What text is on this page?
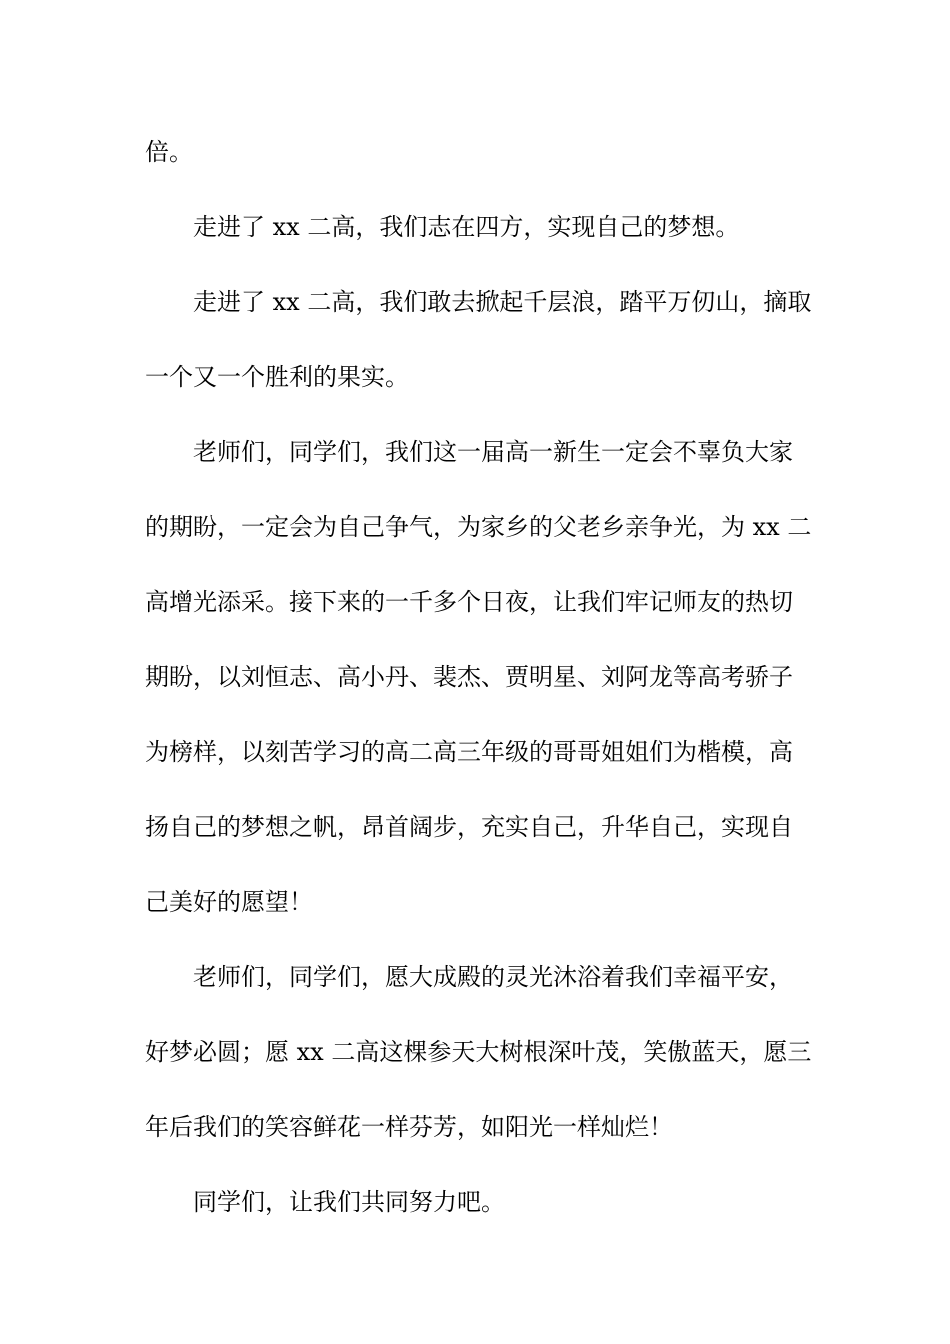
倍。
走进了 xx 二高，我们志在四方，实现自己的梦想。
走进了 xx 二高，我们敢去掀起千层浪，踏平万仞山，摘取
一个又一个胜利的果实。
老师们，同学们，我们这一届高一新生一定会不辜负大家
的期盼，一定会为自己争气，为家乡的父老乡亲争光，为 xx 二
高增光添采。接下来的一千多个日夜，让我们牢记师友的热切
期盼，以刘恒志、高小丹、裴杰、贾明星、刘阿龙等高考骄子
为榜样，以刻苦学习的高二高三年级的哥哥姐姐们为楷模，高
扬自己的梦想之帆，昂首阔步，充实自己，升华自己，实现自
己美好的愿望！
老师们，同学们，愿大成殿的灵光沐浴着我们幸福平安，
好梦必圆；愿 xx 二高这棵参天大树根深叶茂，笑傲蓝天，愿三
年后我们的笑容鲜花一样芬芳，如阳光一样灿烂！
同学们，让我们共同努力吧。
